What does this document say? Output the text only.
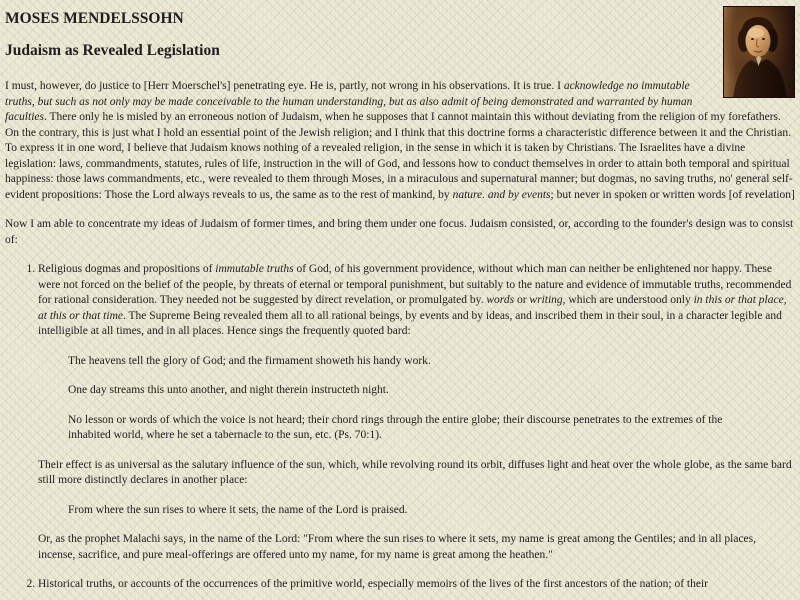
MOSES MENDELSSOHN
Judaism as Revealed Legislation

I must, however, do justice to [Herr Moerschel's] penetrating eye. He is, partly, not wrong in his observations. It is true. I acknowledge no immutable truths, but such as not only may be made conceivable to the human understanding, but as also admit of being demonstrated and warranted by human faculties. There only he is misled by an erroneous notion of Judaism, when he supposes that I cannot maintain this without deviating from the religion of my forefathers. On the contrary, this is just what I hold an essential point of the Jewish religion; and I think that this doctrine forms a characteristic difference between it and the Christian. To express it in one word, I believe that Judaism knows nothing of a revealed religion, in the sense in which it is taken by Christians. The Israelites have a divine legislation: laws, commandments, statutes, rules of life, instruction in the will of God, and lessons how to conduct themselves in order to attain both temporal and spiritual happiness: those laws commandments, etc., were revealed to them through Moses, in a miraculous and supernatural manner; but dogmas, no saving truths, no' general self-evident propositions: Those the Lord always reveals to us, the same as to the rest of mankind, by nature. and by events; but never in spoken or written words [of revelation]

Now I am able to concentrate my ideas of Judaism of former times, and bring them under one focus. Judaism consisted, or, according to the founder's design was to consist of:

1. Religious dogmas and propositions of immutable truths of God, of his government providence, without which man can neither be enlightened nor happy. These were not forced on the belief of the people, by threats of eternal or temporal punishment, but suitably to the nature and evidence of immutable truths, recommended for rational consideration. They needed not be suggested by direct revelation, or promulgated by. words or writing, which are understood only in this or that place, at this or that time. The Supreme Being revealed them all to all rational beings, by events and by ideas, and inscribed them in their soul, in a character legible and intelligible at all times, and in all places. Hence sings the frequently quoted bard:

The heavens tell the glory of God; and the firmament showeth his handy work.
One day streams this unto another, and night therein instructeth night.
No lesson or words of which the voice is not heard; their chord rings through the entire globe; their discourse penetrates to the extremes of the inhabited world, where he set a tabernacle to the sun, etc. (Ps. 70:1).

Their effect is as universal as the salutary influence of the sun, which, while revolving round its orbit, diffuses light and heat over the whole globe, as the same bard still more distinctly declares in another place:

From where the sun rises to where it sets, the name of the Lord is praised.

Or, as the prophet Malachi says, in the name of the Lord: "From where the sun rises to where it sets, my name is great among the Gentiles; and in all places, incense, sacrifice, and pure meal-offerings are offered unto my name, for my name is great among the heathen."

2. Historical truths, or accounts of the occurrences of the primitive world, especially memoirs of the lives of the first ancestors of the nation; of their
